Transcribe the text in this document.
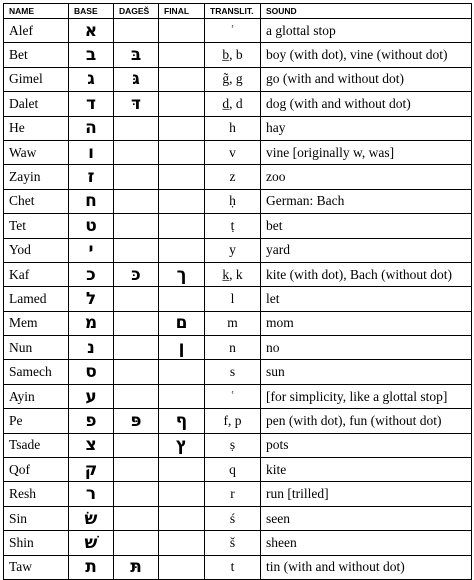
NAME	BASE	DAGEŠ	FINAL	TRANSLIT.	SOUND
Alef	א			ʾ	a glottal stop
Bet	ב	בּ		b̲, b	boy (with dot), vine (without dot)
Gimel	ג	גּ		g̃, g	go (with and without dot)
Dalet	ד	דּ		d̲, d	dog (with and without dot)
He	ה			h	hay
Waw	ו			v	vine [originally w, was]
Zayin	ז			z	zoo
Chet	ח			ḥ	German: Bach
Tet	ט			ṭ	bet
Yod	י			y	yard
Kaf	כ	כּ	ך	k̲, k	kite (with dot), Bach (without dot)
Lamed	ל			l	let
Mem	מ		ם	m	mom
Nun	נ		ן	n	no
Samech	ס			s	sun
Ayin	ע			ʿ	[for simplicity, like a glottal stop]
Pe	פ	פּ	ף	f, p	pen (with dot), fun (without dot)
Tsade	צ		ץ	ṣ	pots
Qof	ק			q	kite
Resh	ר			r	run [trilled]
Sin	שׂ			ś	seen
Shin	שׁ			š	sheen
Taw	ת	תּ		t	tin (with and without dot)
